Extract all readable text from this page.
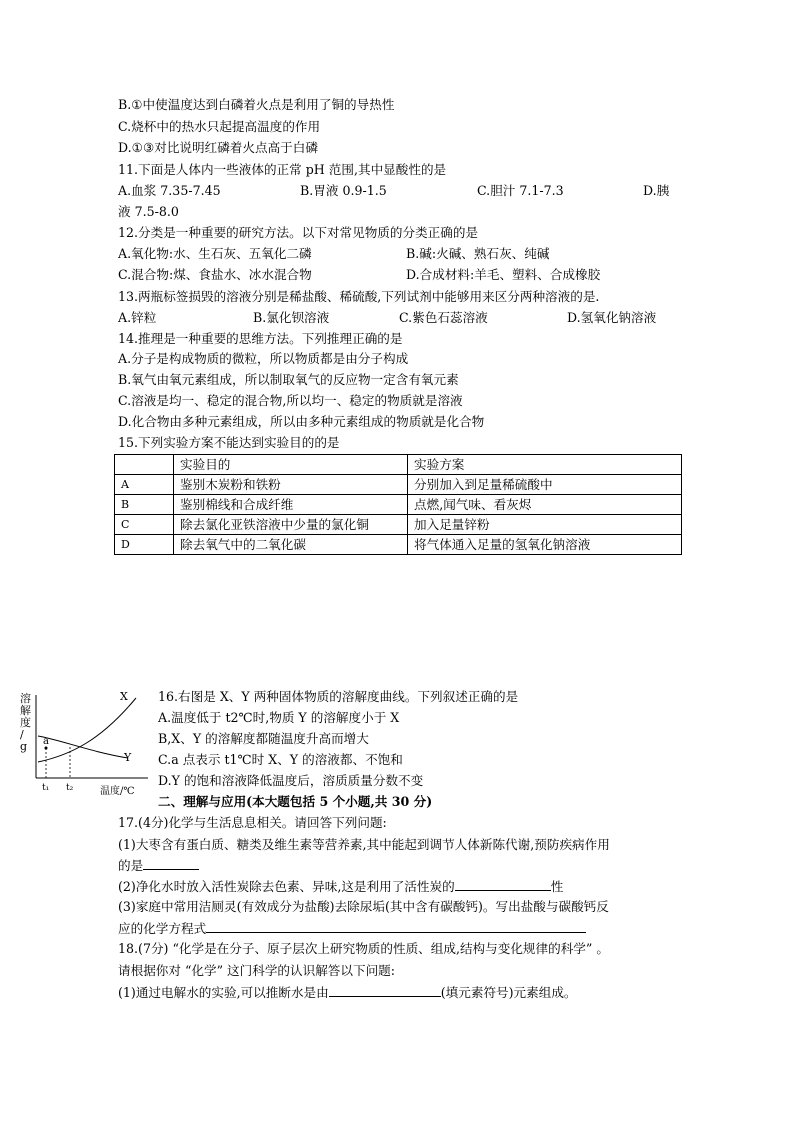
B.①中使温度达到白磷着火点是利用了铜的导热性
C.烧杯中的热水只起提高温度的作用
D.①③对比说明红磷着火点高于白磷
11.下面是人体内一些液体的正常 pH 范围,其中显酸性的是
A.血浆 7.35-7.45	B.胃液 0.9-1.5	C.胆汁 7.1-7.3	D.胰
液 7.5-8.0
12.分类是一种重要的研究方法。以下对常见物质的分类正确的是
A.氧化物:水、生石灰、五氧化二磷	B.碱:火碱、熟石灰、纯碱
C.混合物:煤、食盐水、冰水混合物	D.合成材料:羊毛、塑料、合成橡胶
13.两瓶标签损毁的溶液分别是稀盐酸、稀硫酸,下列试剂中能够用来区分两种溶液的是.
A.锌粒	B.氯化钡溶液	C.紫色石蕊溶液	D.氢氧化钠溶液
14.推理是一种重要的思维方法。下列推理正确的是
A.分子是构成物质的微粒，所以物质都是由分子构成
B.氧气由氧元素组成，所以制取氧气的反应物一定含有氧元素
C.溶液是均一、稳定的混合物,所以均一、稳定的物质就是溶液
D.化合物由多种元素组成，所以由多种元素组成的物质就是化合物
15.下列实验方案不能达到实验目的的是
	实验目的	实验方案
A	鉴别木炭粉和铁粉	分别加入到足量稀硫酸中
B	鉴别棉线和合成纤维	点燃,闻气味、看灰烬
C	除去氯化亚铁溶液中少量的氯化铜	加入足量锌粉
D	除去氧气中的二氧化碳	将气体通入足量的氢氧化钠溶液
溶解度/ g	a
X
Y
t₁ t₂	温度/℃
16.右图是 X、Y 两种固体物质的溶解度曲线。下列叙述正确的是
A.温度低于 t2℃时,物质 Y 的溶解度小于 X
B,X、Y 的溶解度都随温度升高而增大
C.a 点表示 t1℃时 X、Y 的溶液都、不饱和
D.Y 的饱和溶液降低温度后，溶质质量分数不变
二、理解与应用(本大题包括 5 个小题,共 30 分)
17.(4分)化学与生活息息相关。请回答下列问题:
(1)大枣含有蛋白质、糖类及维生素等营养素,其中能起到调节人体新陈代谢,预防疾病作用
的是
(2)净化水时放入活性炭除去色素、异味,这是利用了活性炭的	性
(3)家庭中常用洁厕灵(有效成分为盐酸)去除尿垢(其中含有碳酸钙)。写出盐酸与碳酸钙反
应的化学方程式
18.(7分) “化学是在分子、原子层次上研究物质的性质、组成,结构与变化规律的科学” 。
请根据你对 “化学” 这门科学的认识解答以下问题:
(1)通过电解水的实验,可以推断水是由	(填元素符号)元素组成。
